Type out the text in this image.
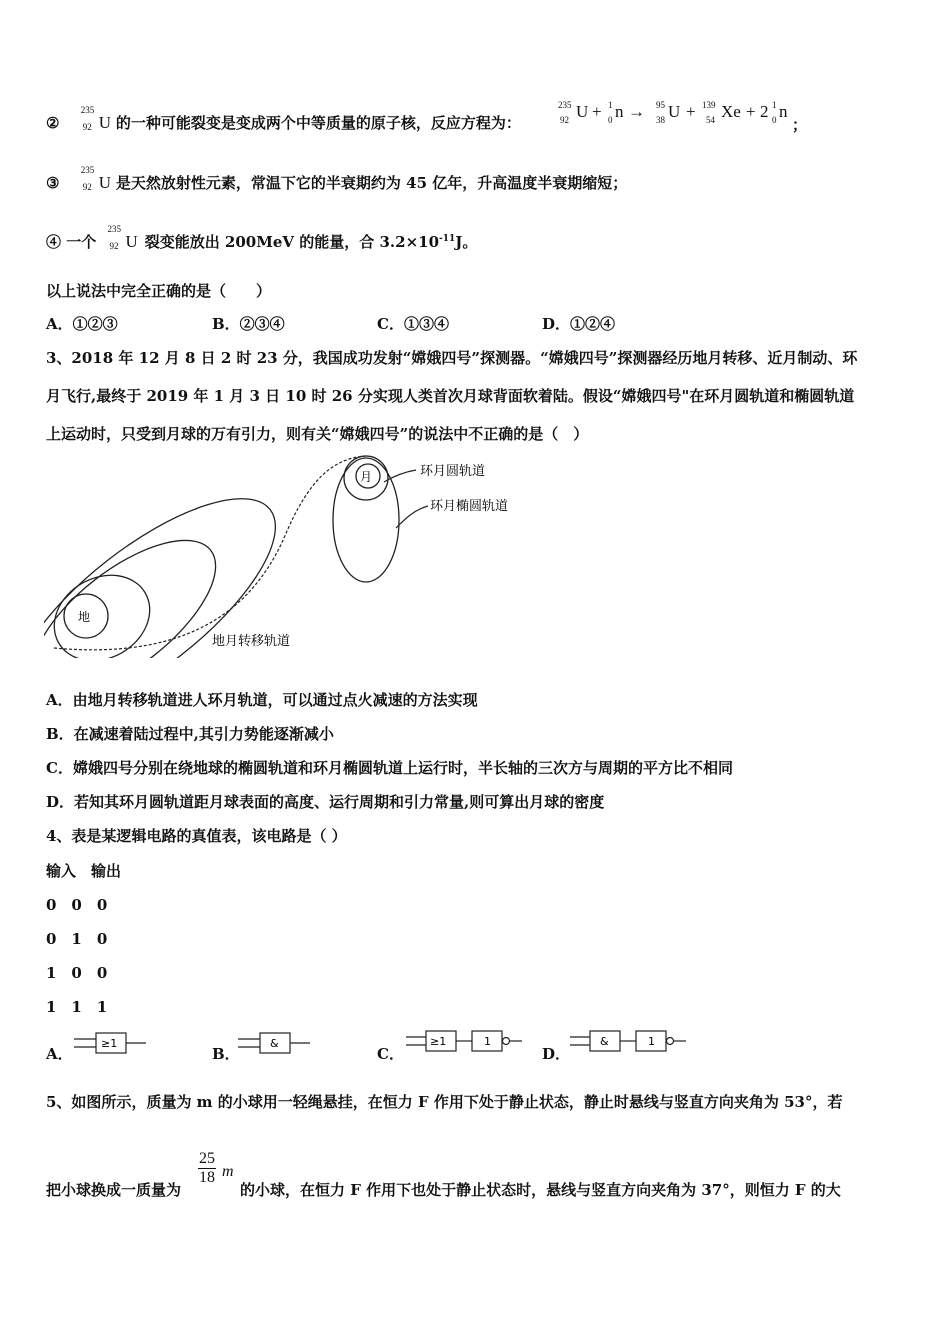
②
235
92 U 的一种可能裂变是变成两个中等质量的原子核，反应方程为：
235
92 U + 1
0 n → 95
38 U + 139
54 Xe + 2 1
0 n
；
③
235
92 U 是天然放射性元素，常温下它的半衰期约为 45 亿年，升高温度半衰期缩短；
④ 一个
235
92 U 裂变能放出 200MeV 的能量，合 $3.2\times 10^{-11}J$。
以上说法中完全正确的是（　　）
A．①②③	B．②③④	C．①③④	D．①②④
3、2018 年 12 月 8 日 2 时 23 分，我国成功发射“嫦娥四号”探测器。“嫦娥四号”探测器经历地月转移、近月制动、环
月飞行,最终于 2019 年 1 月 3 日 10 时 26 分实现人类首次月球背面软着陆。假设“嫦娥四号"在环月圆轨道和椭圆轨道
上运动时，只受到月球的万有引力，则有关“嫦娥四号”的说法中不正确的是（　）
月
地
环月圆轨道
环月椭圆轨道
地月转移轨道
A．由地月转移轨道进人环月轨道，可以通过点火减速的方法实现
B．在减速着陆过程中,其引力势能逐渐减小
C．嫦娥四号分别在绕地球的椭圆轨道和环月椭圆轨道上运行时，半长轴的三次方与周期的平方比不相同
D．若知其环月圆轨道距月球表面的高度、运行周期和引力常量,则可算出月球的密度
4、表是某逻辑电路的真值表，该电路是（ ）
输入　输出
0　0　0
0　1　0
1　0　0
1　1　1
A．
≥1
B．
&
C．
≥1	1
D．
&	1
5、如图所示，质量为 m 的小球用一轻绳悬挂，在恒力 F 作用下处于静止状态，静止时悬线与竖直方向夹角为 53°，若
把小球换成一质量为
$\frac{25}{18}$ m
的小球，在恒力 F 作用下也处于静止状态时，悬线与竖直方向夹角为 37°，则恒力 F 的大
